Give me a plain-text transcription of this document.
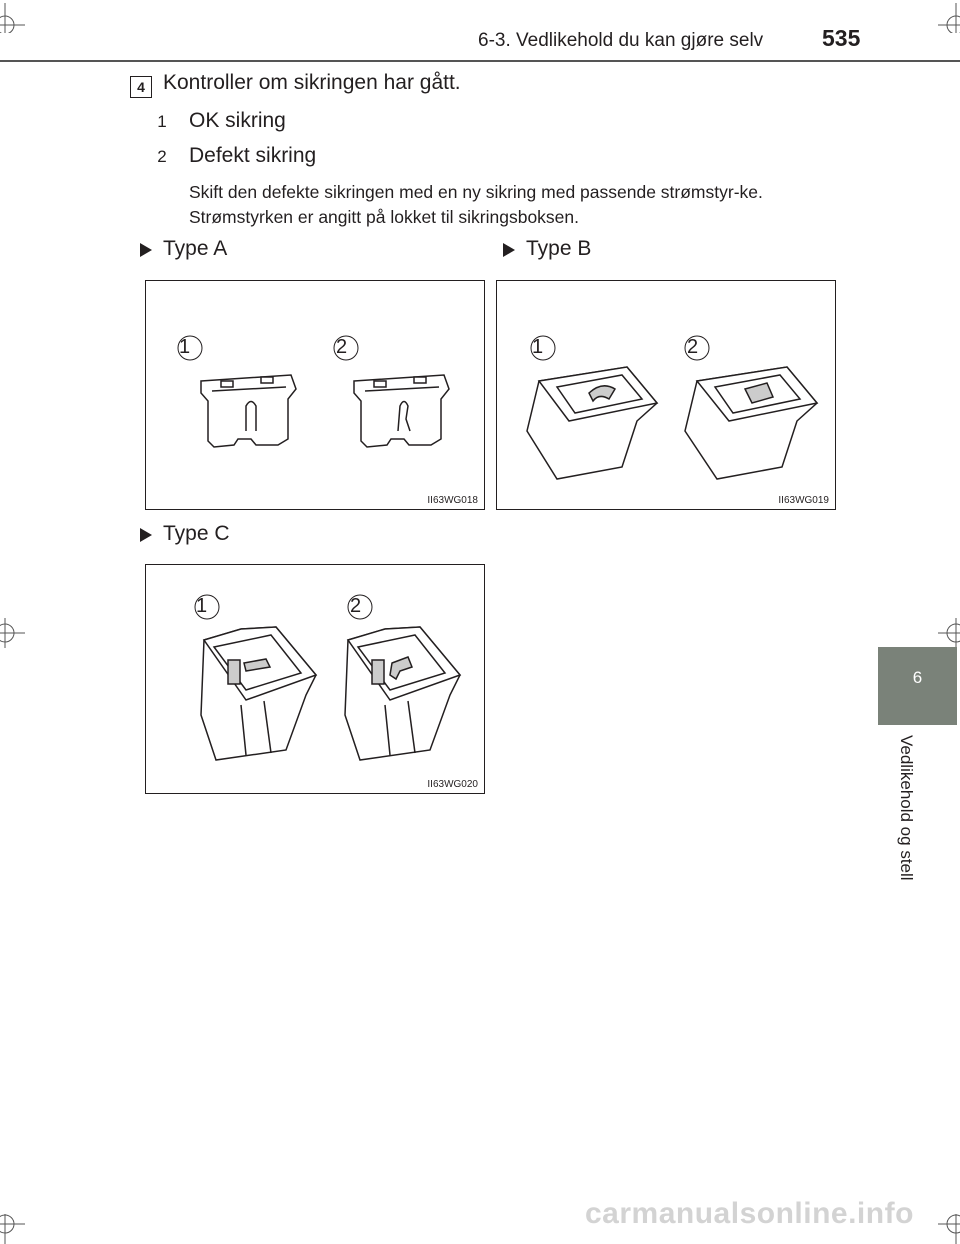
6-3. Vedlikehold du kan gjøre selv	535
6
Vedlikehold og stell
4 Kontroller om sikringen har gått.
1 OK sikring
2 Defekt sikring
Skift den defekte sikringen med en ny sikring med passende strømstyr-ke. Strømstyrken er angitt på lokket til sikringsboksen.
Type A
1	2
II63WG018
Type B
1	2
II63WG019
Type C
1	2
II63WG020
carmanualsonline.info
